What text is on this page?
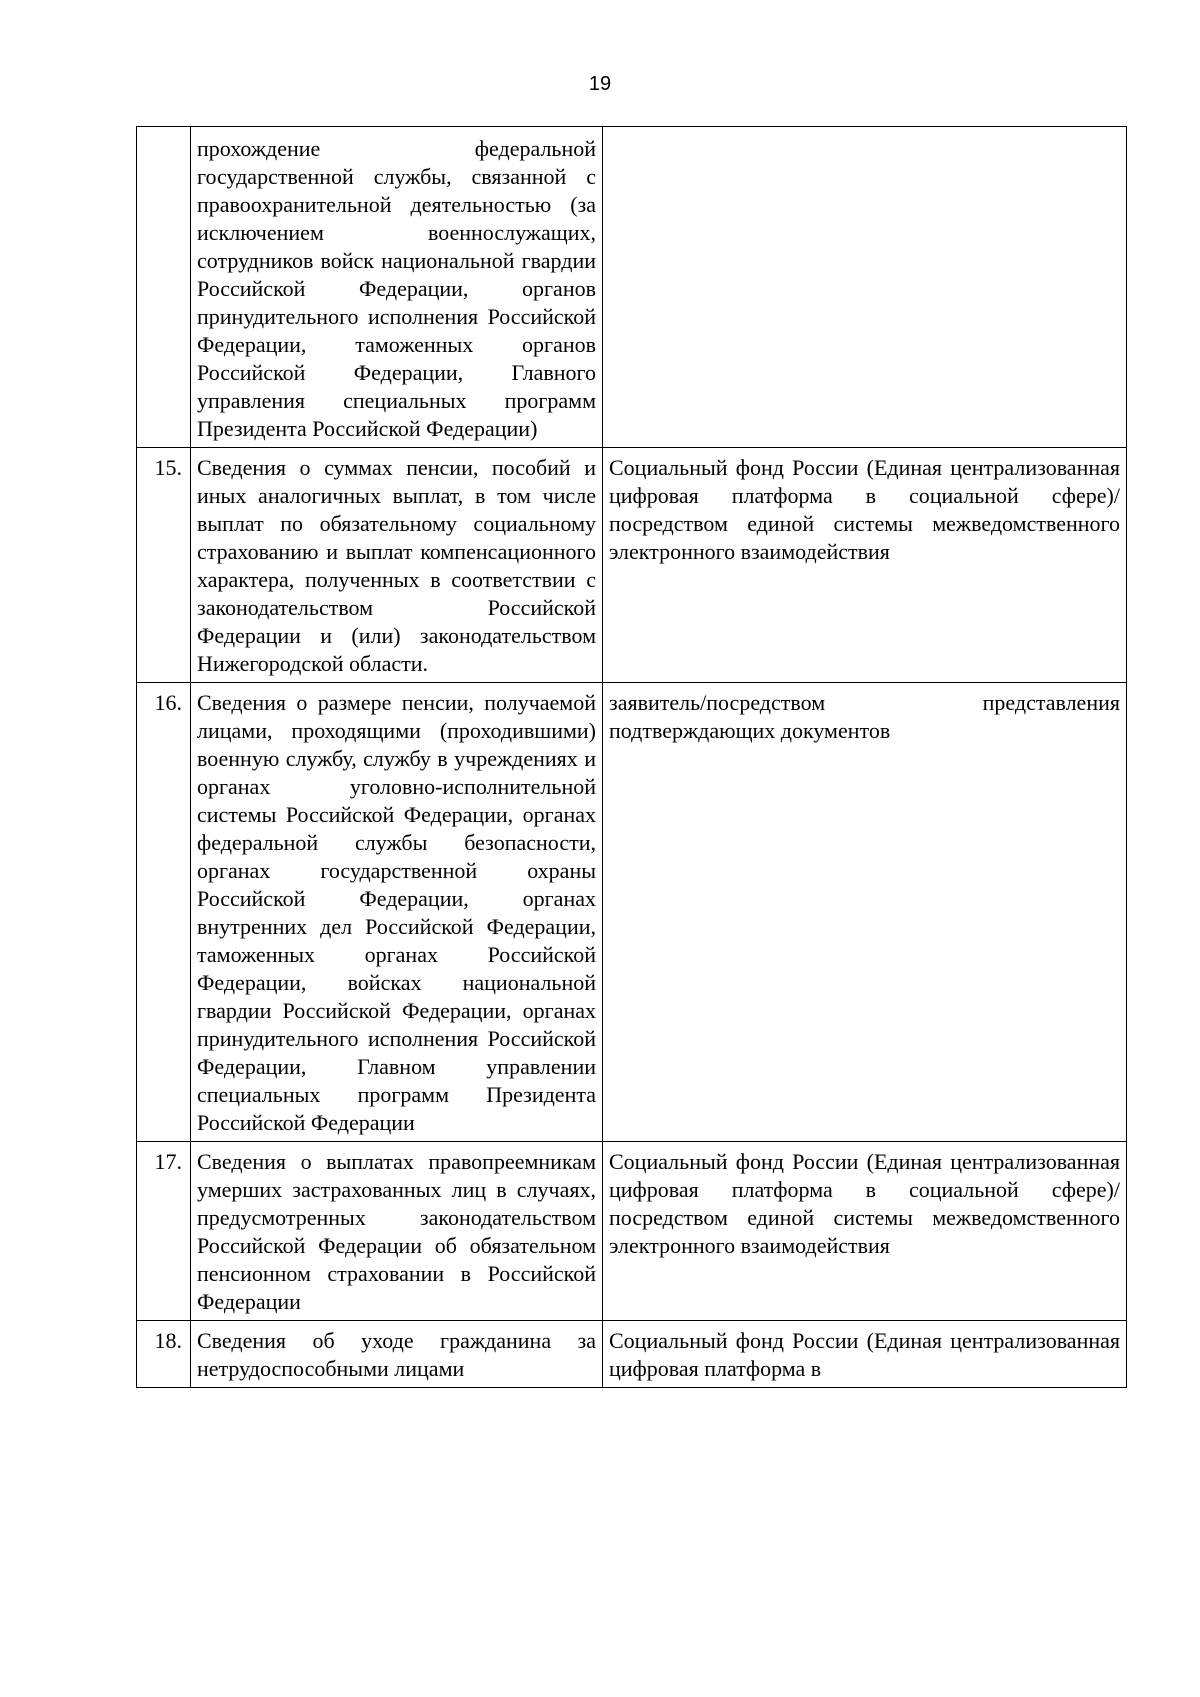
19
	прохождение федеральной государственной службы, связанной с правоохранительной деятельностью (за исключением военнослужащих, сотрудников войск национальной гвардии Российской Федерации, органов принудительного исполнения Российской Федерации, таможенных органов Российской Федерации, Главного управления специальных программ Президента Российской Федерации)	
15.	Сведения о суммах пенсии, пособий и иных аналогичных выплат, в том числе выплат по обязательному социальному страхованию и выплат компенсационного характера, полученных в соответствии с законодательством Российской Федерации и (или) законодательством Нижегородской области.	Социальный фонд России (Единая централизованная цифровая платформа в социальной сфере)/посредством единой системы межведомственного электронного взаимодействия
16.	Сведения о размере пенсии, получаемой лицами, проходящими (проходившими) военную службу, службу в учреждениях и органах уголовно-исполнительной системы Российской Федерации, органах федеральной службы безопасности, органах государственной охраны Российской Федерации, органах внутренних дел Российской Федерации, таможенных органах Российской Федерации, войсках национальной гвардии Российской Федерации, органах принудительного исполнения Российской Федерации, Главном управлении специальных программ Президента Российской Федерации	заявитель/посредством представления подтверждающих документов
17.	Сведения о выплатах правопреемникам умерших застрахованных лиц в случаях, предусмотренных законодательством Российской Федерации об обязательном пенсионном страховании в Российской Федерации	Социальный фонд России (Единая централизованная цифровая платформа в социальной сфере)/посредством единой системы межведомственного электронного взаимодействия
18.	Сведения об уходе гражданина за нетрудоспособными лицами	Социальный фонд России (Единая централизованная цифровая платформа в
